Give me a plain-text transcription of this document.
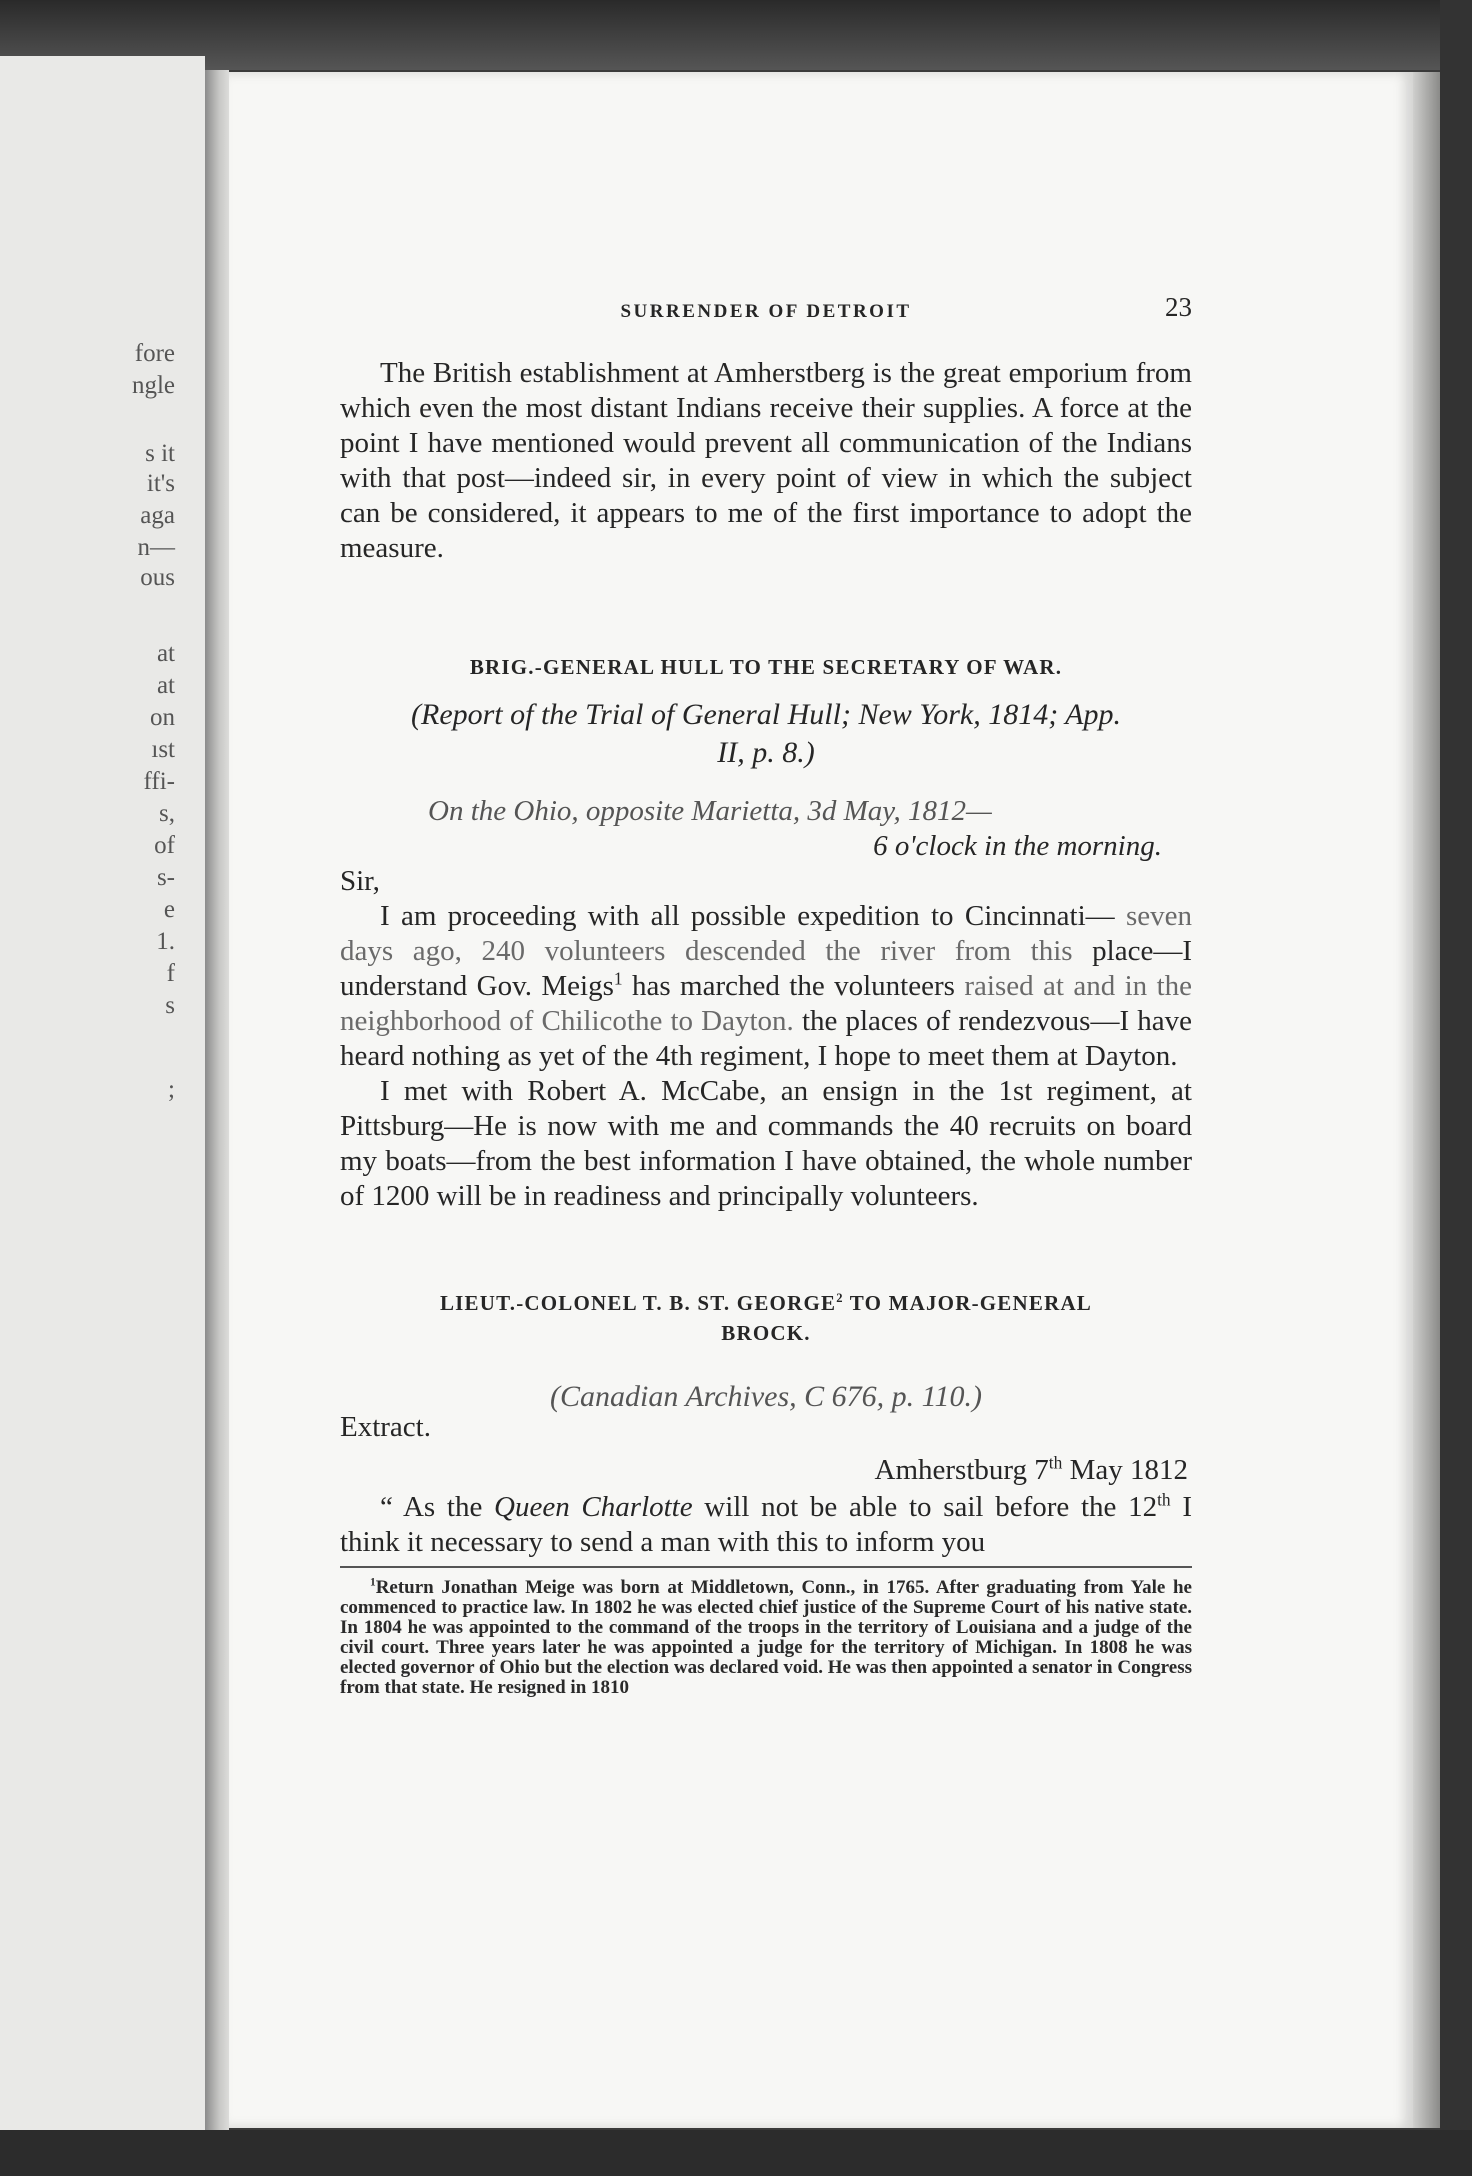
fore
ngle
s it
it's
aga
n—
ous
at
at
on
ıst
ffi-
s,
of
s-
e
1.
f
s
;
SURRENDER OF DETROIT	23

The British establishment at Amherstberg is the great emporium from which even the most distant Indians receive their supplies. A force at the point I have mentioned would prevent all communication of the Indians with that post—indeed sir, in every point of view in which the subject can be considered, it appears to me of the first importance to adopt the measure.

BRIG.-GENERAL HULL TO THE SECRETARY OF WAR.

(Report of the Trial of General Hull; New York, 1814; App.

II, p. 8.)

On the Ohio, opposite Marietta, 3d May, 1812—

6 o'clock in the morning.

Sir,

I am proceeding with all possible expedition to Cincinnati— seven days ago, 240 volunteers descended the river from this place—I understand Gov. Meigs$^1$ has marched the volunteers raised at and in the neighborhood of Chilicothe to Dayton. the places of rendezvous—I have heard nothing as yet of the 4th regiment, I hope to meet them at Dayton.

I met with Robert A. McCabe, an ensign in the 1st regiment, at Pittsburg—He is now with me and commands the 40 recruits on board my boats—from the best information I have obtained, the whole number of 1200 will be in readiness and principally volunteers.

LIEUT.-COLONEL T. B. ST. GEORGE$^2$ TO MAJOR-GENERAL

BROCK.

(Canadian Archives, C 676, p. 110.)

Extract.

Amherstburg 7th May 1812

“ As the Queen Charlotte will not be able to sail before the 12th I think it necessary to send a man with this to inform you

$^1$Return Jonathan Meige was born at Middletown, Conn., in 1765. After graduating from Yale he commenced to practice law. In 1802 he was elected chief justice of the Supreme Court of his native state. In 1804 he was appointed to the command of the troops in the territory of Louisiana and a judge of the civil court. Three years later he was appointed a judge for the territory of Michigan. In 1808 he was elected governor of Ohio but the election was declared void. He was then appointed a senator in Congress from that state. He resigned in 1810
